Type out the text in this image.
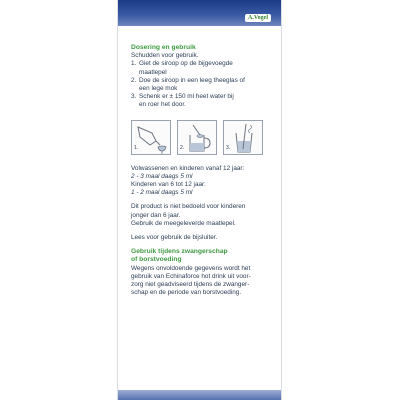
A.Vogel
Dosering en gebruik
Schudden voor gebruik.
1. Giet de siroop op de bijgevoegde
maatlepel
2. Doe de siroop in een leeg theeglas of
een lege mok
3. Schenk er ± 150 ml heet water bij
en roer het door.
1.	2.	3.
Volwassenen en kinderen vanaf 12 jaar:
2 - 3 maal daags 5 ml
Kinderen van 6 tot 12 jaar:
1 - 2 maal daags 5 ml
Dit product is niet bedoeld voor kinderen
jonger dan 6 jaar.
Gebruik de meegeleverde maatlepel.
Lees voor gebruik de bijsluiter.
Gebruik tijdens zwangerschap
of borstvoeding
Wegens onvoldoende gegevens wordt het
gebruik van Echinaforce hot drink uit voor-
zorg niet geadviseerd tijdens de zwanger-
schap en de periode van borstvoeding.
